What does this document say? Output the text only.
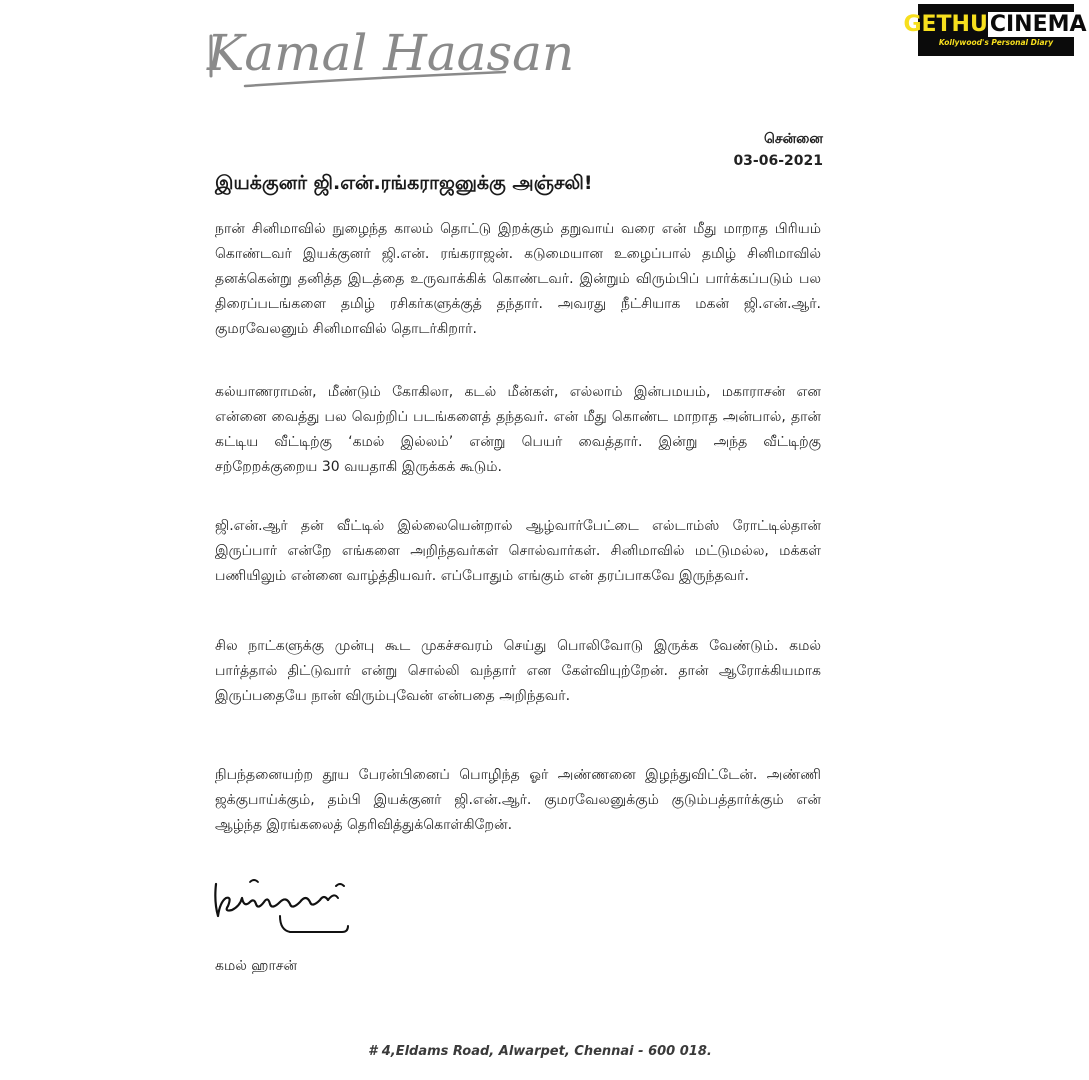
Kamal Haasan	GETHUCINEMA
Kollywood's Personal Diary
சென்னை
03-06-2021
இயக்குனர் ஜி.என்.ரங்கராஜனுக்கு அஞ்சலி!

நான் சினிமாவில் நுழைந்த காலம் தொட்டு இறக்கும் தறுவாய் வரை என் மீது மாறாத பிரியம் கொண்டவர் இயக்குனர் ஜி.என். ரங்கராஜன். கடுமையான உழைப்பால் தமிழ் சினிமாவில் தனக்கென்று தனித்த இடத்தை உருவாக்கிக் கொண்டவர். இன்றும் விரும்பிப் பார்க்கப்படும் பல திரைப்படங்களை தமிழ் ரசிகர்களுக்குத் தந்தார். அவரது நீட்சியாக மகன் ஜி.என்.ஆர். குமரவேலனும் சினிமாவில் தொடர்கிறார்.

கல்யாணராமன், மீண்டும் கோகிலா, கடல் மீன்கள், எல்லாம் இன்பமயம், மகாராசன் என என்னை வைத்து பல வெற்றிப் படங்களைத் தந்தவர். என் மீது கொண்ட மாறாத அன்பால், தான் கட்டிய வீட்டிற்கு ‘கமல் இல்லம்’ என்று பெயர் வைத்தார். இன்று அந்த வீட்டிற்கு சற்றேறக்குறைய 30 வயதாகி இருக்கக் கூடும்.

ஜி.என்.ஆர் தன் வீட்டில் இல்லையென்றால் ஆழ்வார்பேட்டை எல்டாம்ஸ் ரோட்டில்தான் இருப்பார் என்றே எங்களை அறிந்தவர்கள் சொல்வார்கள். சினிமாவில் மட்டுமல்ல, மக்கள் பணியிலும் என்னை வாழ்த்தியவர். எப்போதும் எங்கும் என் தரப்பாகவே இருந்தவர்.

சில நாட்களுக்கு முன்பு கூட முகச்சவரம் செய்து பொலிவோடு இருக்க வேண்டும். கமல் பார்த்தால் திட்டுவார் என்று சொல்லி வந்தார் என கேள்வியுற்றேன். தான் ஆரோக்கியமாக இருப்பதையே நான் விரும்புவேன் என்பதை அறிந்தவர்.

நிபந்தனையற்ற தூய பேரன்பினைப் பொழிந்த ஓர் அண்ணனை இழந்துவிட்டேன். அண்ணி ஜக்குபாய்க்கும், தம்பி இயக்குனர் ஜி.என்.ஆர். குமரவேலனுக்கும் குடும்பத்தார்க்கும் என் ஆழ்ந்த இரங்கலைத் தெரிவித்துக்கொள்கிறேன்.

கமல் ஹாசன்
# 4,Eldams Road, Alwarpet, Chennai - 600 018.
